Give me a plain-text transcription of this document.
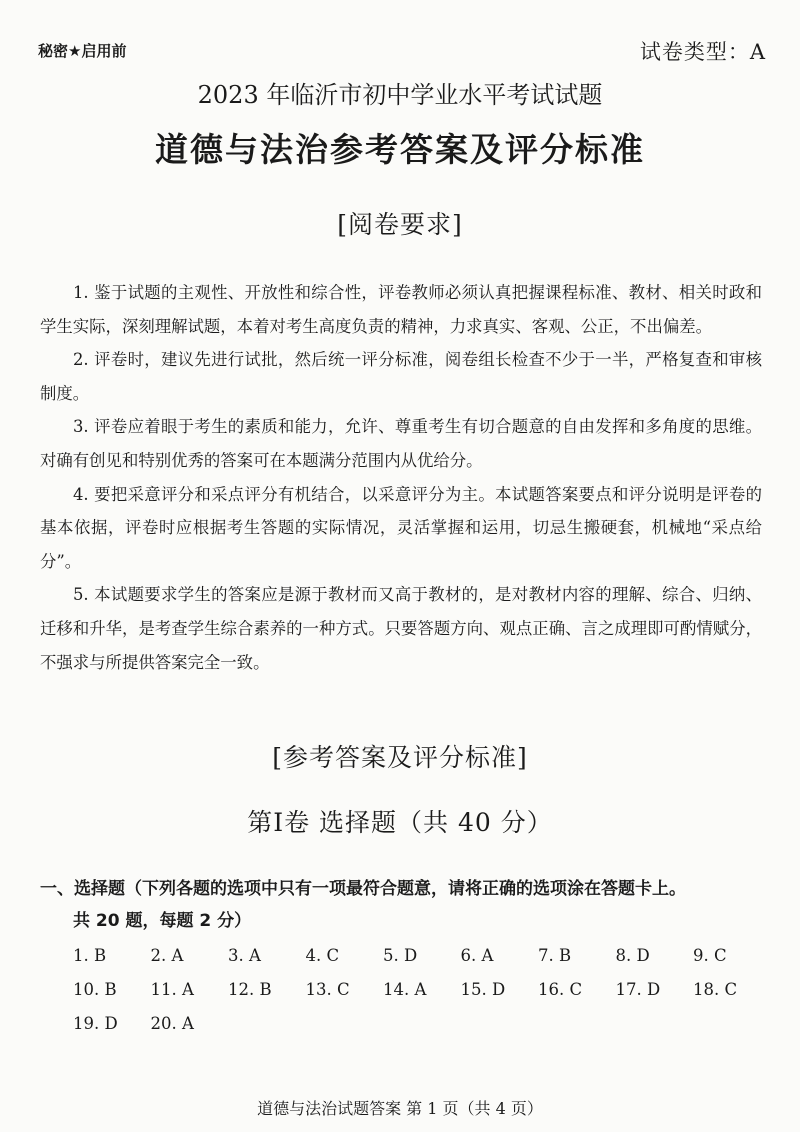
秘密★启用前	试卷类型：A
2023 年临沂市初中学业水平考试试题
道德与法治参考答案及评分标准
[阅卷要求]

1. 鉴于试题的主观性、开放性和综合性，评卷教师必须认真把握课程标准、教材、相关时政和学生实际，深刻理解试题，本着对考生高度负责的精神，力求真实、客观、公正，不出偏差。

2. 评卷时，建议先进行试批，然后统一评分标准，阅卷组长检查不少于一半，严格复查和审核制度。

3. 评卷应着眼于考生的素质和能力，允许、尊重考生有切合题意的自由发挥和多角度的思维。对确有创见和特别优秀的答案可在本题满分范围内从优给分。

4. 要把采意评分和采点评分有机结合，以采意评分为主。本试题答案要点和评分说明是评卷的基本依据，评卷时应根据考生答题的实际情况，灵活掌握和运用，切忌生搬硬套，机械地“采点给分”。

5. 本试题要求学生的答案应是源于教材而又高于教材的，是对教材内容的理解、综合、归纳、迁移和升华，是考查学生综合素养的一种方式。只要答题方向、观点正确、言之成理即可酌情赋分，不强求与所提供答案完全一致。

[参考答案及评分标准]
第Ⅰ卷 选择题（共 40 分）

一、选择题（下列各题的选项中只有一项最符合题意，请将正确的选项涂在答题卡上。

共 20 题，每题 2 分）

1. B	2. A	3. A	4. C	5. D	6. A	7. B	8. D	9. C
10. B	11. A	12. B	13. C	14. A	15. D	16. C	17. D	18. C
19. D	20. A
道德与法治试题答案 第 1 页（共 4 页）
